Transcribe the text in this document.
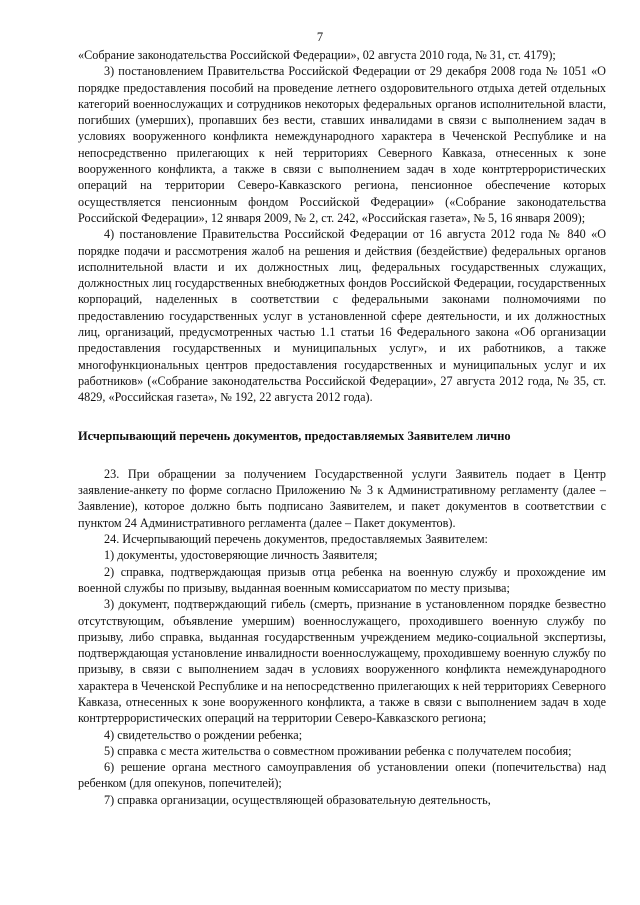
7

«Собрание законодательства Российской Федерации», 02 августа 2010 года, № 31, ст. 4179);

3) постановлением Правительства Российской Федерации от 29 декабря 2008 года № 1051 «О порядке предоставления пособий на проведение летнего оздоровительного отдыха детей отдельных категорий военнослужащих и сотрудников некоторых федеральных органов исполнительной власти, погибших (умерших), пропавших без вести, ставших инвалидами в связи с выполнением задач в условиях вооруженного конфликта немеждународного характера в Чеченской Республике и на непосредственно прилегающих к ней территориях Северного Кавказа, отнесенных к зоне вооруженного конфликта, а также в связи с выполнением задач в ходе контртеррористических операций на территории Северо-Кавказского региона, пенсионное обеспечение которых осуществляется пенсионным фондом Российской Федерации» («Собрание законодательства Российской Федерации», 12 января 2009, № 2, ст. 242, «Российская газета», № 5, 16 января 2009);

4) постановление Правительства Российской Федерации от 16 августа 2012 года № 840 «О порядке подачи и рассмотрения жалоб на решения и действия (бездействие) федеральных органов исполнительной власти и их должностных лиц, федеральных государственных служащих, должностных лиц государственных внебюджетных фондов Российской Федерации, государственных корпораций, наделенных в соответствии с федеральными законами полномочиями по предоставлению государственных услуг в установленной сфере деятельности, и их должностных лиц, организаций, предусмотренных частью 1.1 статьи 16 Федерального закона «Об организации предоставления государственных и муниципальных услуг», и их работников, а также многофункциональных центров предоставления государственных и муниципальных услуг и их работников» («Собрание законодательства Российской Федерации», 27 августа 2012 года, № 35, ст. 4829, «Российская газета», № 192, 22 августа 2012 года).

Исчерпывающий перечень документов, предоставляемых Заявителем лично

23. При обращении за получением Государственной услуги Заявитель подает в Центр заявление-анкету по форме согласно Приложению № 3 к Административному регламенту (далее – Заявление), которое должно быть подписано Заявителем, и пакет документов в соответствии с пунктом 24 Административного регламента (далее – Пакет документов).

24. Исчерпывающий перечень документов, предоставляемых Заявителем:

1) документы, удостоверяющие личность Заявителя;

2) справка, подтверждающая призыв отца ребенка на военную службу и прохождение им военной службы по призыву, выданная военным комиссариатом по месту призыва;

3) документ, подтверждающий гибель (смерть, признание в установленном порядке безвестно отсутствующим, объявление умершим) военнослужащего, проходившего военную службу по призыву, либо справка, выданная государственным учреждением медико-социальной экспертизы, подтверждающая установление инвалидности военнослужащему, проходившему военную службу по призыву, в связи с выполнением задач в условиях вооруженного конфликта немеждународного характера в Чеченской Республике и на непосредственно прилегающих к ней территориях Северного Кавказа, отнесенных к зоне вооруженного конфликта, а также в связи с выполнением задач в ходе контртеррористических операций на территории Северо-Кавказского региона;

4) свидетельство о рождении ребенка;

5) справка с места жительства о совместном проживании ребенка с получателем пособия;

6) решение органа местного самоуправления об установлении опеки (попечительства) над ребенком (для опекунов, попечителей);

7) справка организации, осуществляющей образовательную деятельность,
